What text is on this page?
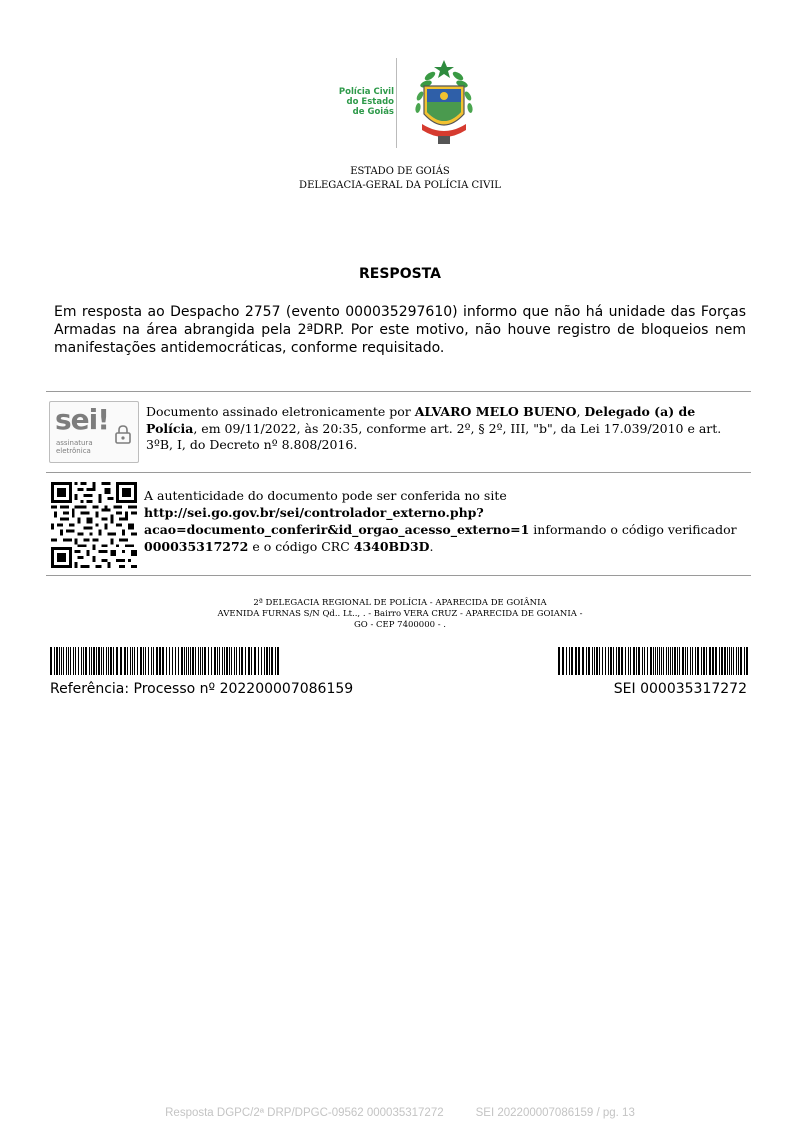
Polícia Civil
do Estado
de Goiás
ESTADO DE GOIÁS
DELEGACIA-GERAL DA POLÍCIA CIVIL
RESPOSTA
Em resposta ao Despacho 2757 (evento 000035297610) informo que não há unidade das Forças Armadas na área abrangida pela 2ªDRP. Por este motivo, não houve registro de bloqueios nem manifestações antidemocráticas, conforme requisitado.
sei!
assinatura
eletrônica
Documento assinado eletronicamente por ALVARO MELO BUENO, Delegado (a) de Polícia, em 09/11/2022, às 20:35, conforme art. 2º, § 2º, III, "b", da Lei 17.039/2010 e art. 3ºB, I, do Decreto nº 8.808/2016.
A autenticidade do documento pode ser conferida no site
http://sei.go.gov.br/sei/controlador_externo.php? acao=documento_conferir&id_orgao_acesso_externo=1 informando o código verificador 000035317272 e o código CRC 4340BD3D.
2ª DELEGACIA REGIONAL DE POLÍCIA - APARECIDA DE GOIÂNIA
AVENIDA FURNAS S/N Qd.. Lt.., . - Bairro VERA CRUZ - APARECIDA DE GOIANIA -
GO - CEP 7400000 - .
Referência: Processo nº 202200007086159	SEI 000035317272
Resposta DGPC/2ª DRP/DPGC-09562 000035317272	SEI 202200007086159 / pg. 13
